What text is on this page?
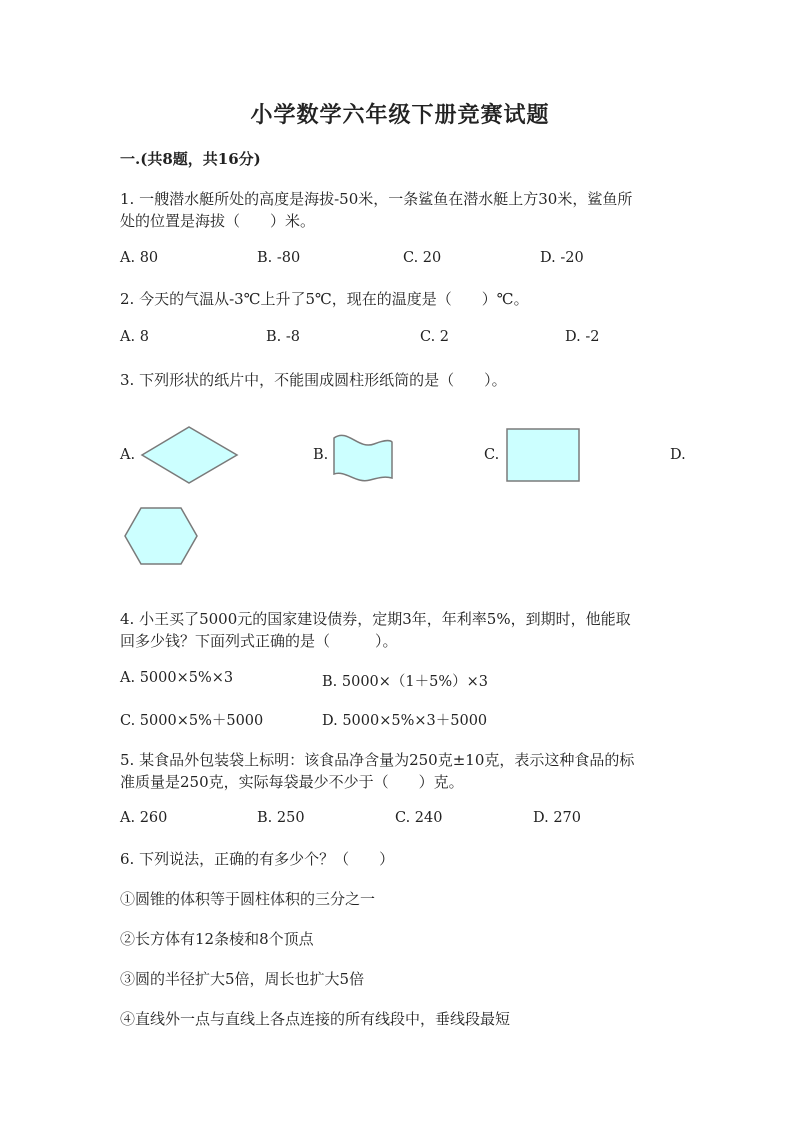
小学数学六年级下册竞赛试题
一.(共8题，共16分)
1. 一艘潜水艇所处的高度是海拔-50米，一条鲨鱼在潜水艇上方30米，鲨鱼所
处的位置是海拔（　　）米。
A. 80	B. -80	C. 20	D. -20
2. 今天的气温从-3℃上升了5℃，现在的温度是（　　）℃。
A. 8	B. -8	C. 2	D. -2
3. 下列形状的纸片中，不能围成圆柱形纸筒的是（　　）。
A.	B.	C.	D.
4. 小王买了5000元的国家建设债券，定期3年，年利率5%，到期时，他能取
回多少钱？下面列式正确的是（　　　）。
A. 5000×5%×3	B. 5000×（1＋5%）×3
C. 5000×5%＋5000	D. 5000×5%×3＋5000
5. 某食品外包装袋上标明：该食品净含量为250克±10克，表示这种食品的标
准质量是250克，实际每袋最少不少于（　　）克。
A. 260	B. 250	C. 240	D. 270
6. 下列说法，正确的有多少个？（　　）
①圆锥的体积等于圆柱体积的三分之一
②长方体有12条棱和8个顶点
③圆的半径扩大5倍，周长也扩大5倍
④直线外一点与直线上各点连接的所有线段中，垂线段最短
